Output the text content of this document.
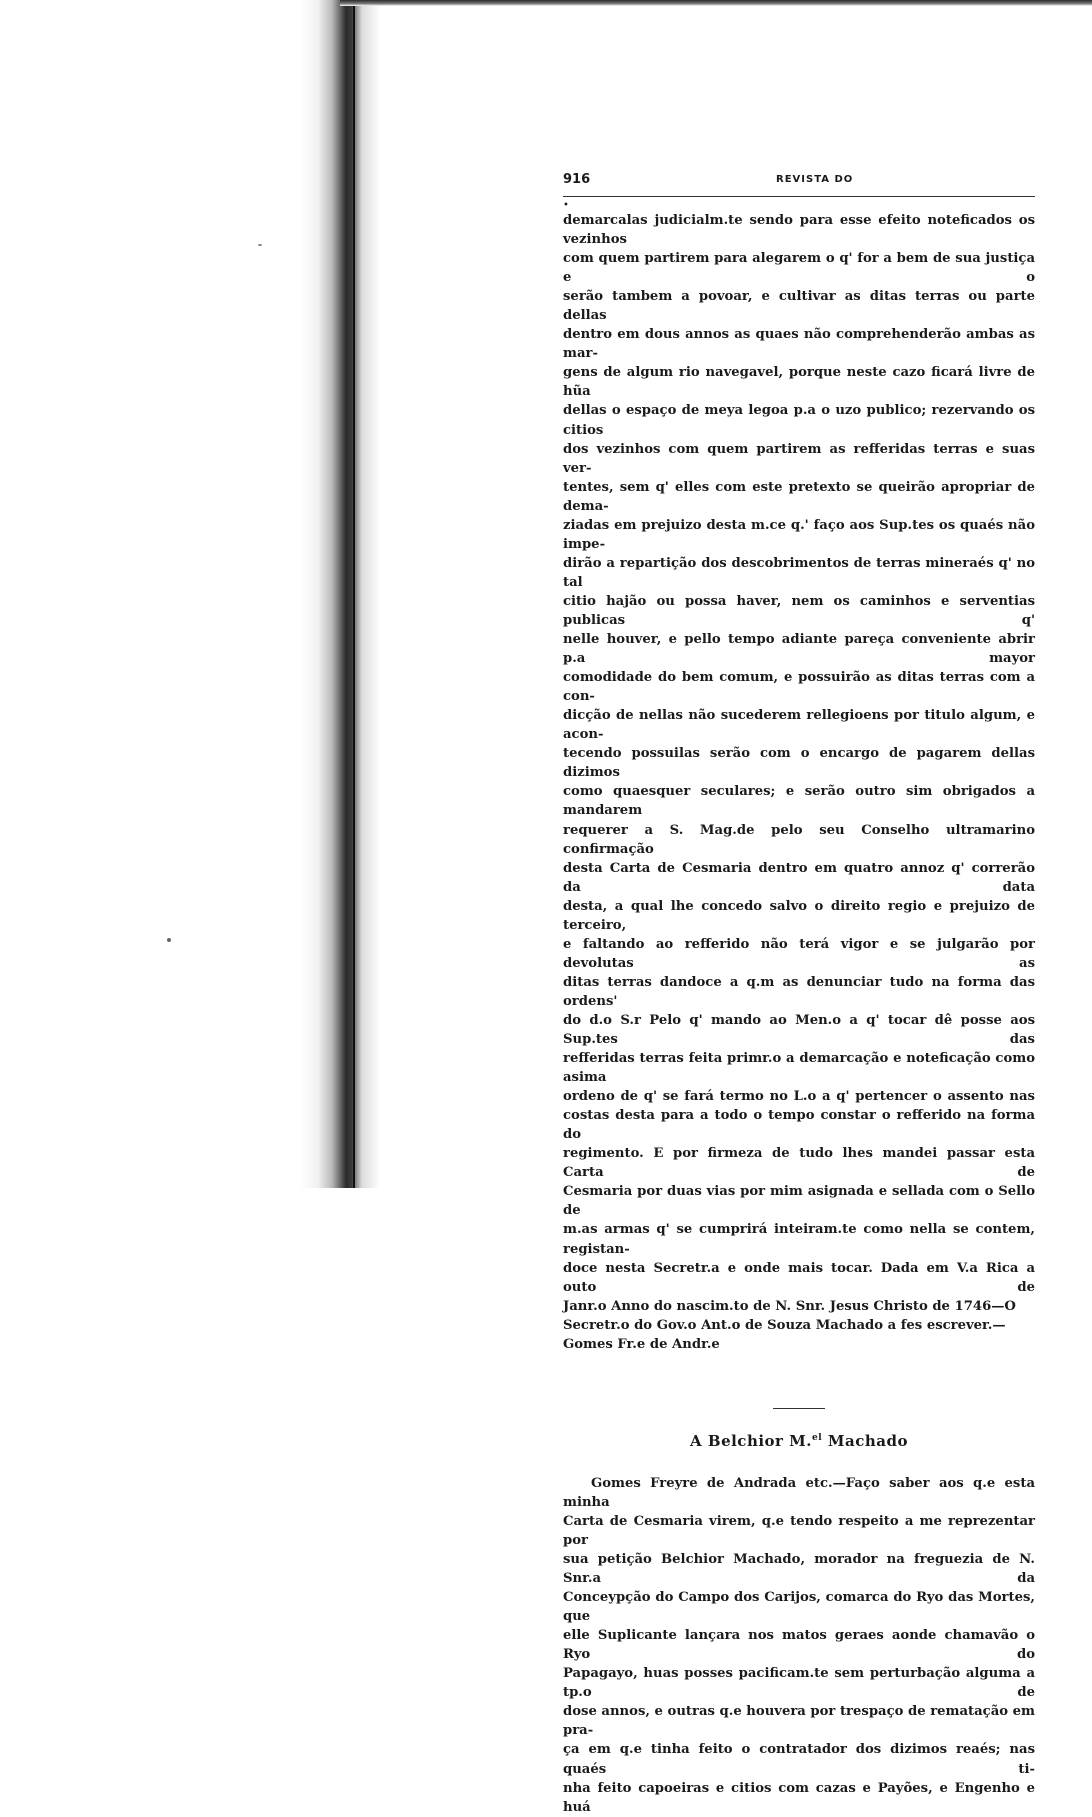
916	REVISTA DO
•

demarcalas judicialm.te sendo para esse efeito noteficados os vezinhos

com quem partirem para alegarem o q' for a bem de sua justiça e o

serão tambem a povoar, e cultivar as ditas terras ou parte dellas

dentro em dous annos as quaes não comprehenderão ambas as mar-

gens de algum rio navegavel, porque neste cazo ficará livre de hũa

dellas o espaço de meya legoa p.a o uzo publico; rezervando os citios

dos vezinhos com quem partirem as refferidas terras e suas ver-

tentes, sem q' elles com este pretexto se queirão apropriar de dema-

ziadas em prejuizo desta m.ce q.' faço aos Sup.tes os quaés não impe-

dirão a repartição dos descobrimentos de terras mineraés q' no tal

citio hajão ou possa haver, nem os caminhos e serventias publicas q'

nelle houver, e pello tempo adiante pareça conveniente abrir p.a mayor

comodidade do bem comum, e possuirão as ditas terras com a con-

dicção de nellas não sucederem rellegioens por titulo algum, e acon-

tecendo possuilas serão com o encargo de pagarem dellas dizimos

como quaesquer seculares; e serão outro sim obrigados a mandarem

requerer a S. Mag.de pelo seu Conselho ultramarino confirmação

desta Carta de Cesmaria dentro em quatro annoz q' correrão da data

desta, a qual lhe concedo salvo o direito regio e prejuizo de terceiro,

e faltando ao refferido não terá vigor e se julgarão por devolutas as

ditas terras dandoce a q.m as denunciar tudo na forma das ordens'

do d.o S.r Pelo q' mando ao Men.o a q' tocar dê posse aos Sup.tes das

refferidas terras feita primr.o a demarcação e noteficação como asima

ordeno de q' se fará termo no L.o a q' pertencer o assento nas

costas desta para a todo o tempo constar o refferido na forma do

regimento. E por firmeza de tudo lhes mandei passar esta Carta de

Cesmaria por duas vias por mim asignada e sellada com o Sello de

m.as armas q' se cumprirá inteiram.te como nella se contem, registan-

doce nesta Secretr.a e onde mais tocar. Dada em V.a Rica a outo de

Janr.o Anno do nascim.to de N. Snr. Jesus Christo de 1746—O Secretr.o do Gov.o Ant.o de Souza Machado a fes escrever.—Gomes Fr.e de Andr.e

A Belchior M.$^{el}$ Machado

Gomes Freyre de Andrada etc.—Faço saber aos q.e esta minha

Carta de Cesmaria virem, q.e tendo respeito a me reprezentar por

sua petição Belchior Machado, morador na freguezia de N. Snr.a da

Conceypção do Campo dos Carijos, comarca do Ryo das Mortes, que

elle Suplicante lançara nos matos geraes aonde chamavão o Ryo do

Papagayo, huas posses pacificam.te sem perturbação alguma a tp.o de

dose annos, e outras q.e houvera por trespaço de rematação em pra-

ça em q.e tinha feito o contratador dos dizimos reaés; nas quaés ti-

nha feito capoeiras e citios com cazas e Payões, e Engenho e huá
